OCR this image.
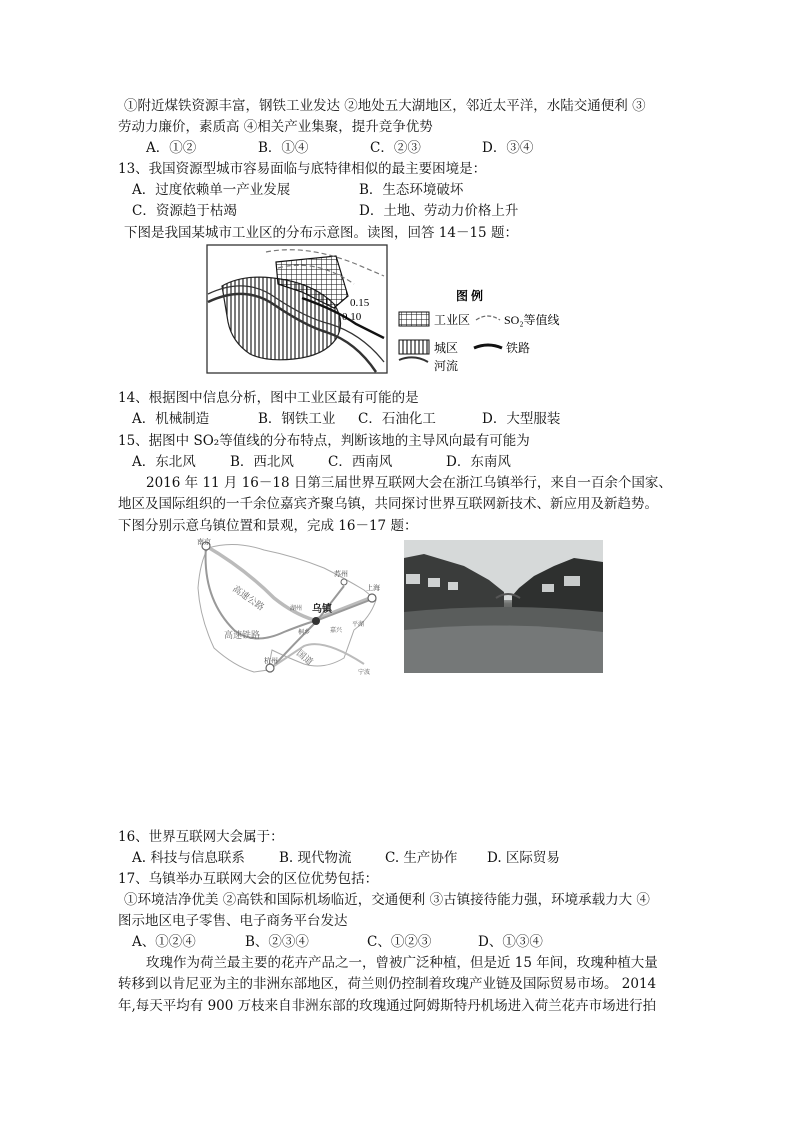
①附近煤铁资源丰富，钢铁工业发达 ②地处五大湖地区，邻近太平洋，水陆交通便利 ③
劳动力廉价，素质高 ④相关产业集聚，提升竞争优势
A．①②	B．①④	C．②③	D．③④
13、我国资源型城市容易面临与底特律相似的最主要困境是：
A．过度依赖单一产业发展	B．生态环境破坏
C．资源趋于枯竭	D．土地、劳动力价格上升
下图是我国某城市工业区的分布示意图。读图，回答 14－15 题：
0.15
0.10
图 例
工业区	SO₂等值线
城区	铁路
河流
14、根据图中信息分析，图中工业区最有可能的是
A．机械制造	B．钢铁工业	C．石油化工	D．大型服装
15、据图中 SO₂等值线的分布特点，判断该地的主导风向最有可能为
A．东北风	B．西北风	C．西南风	D．东南风
2016 年 11 月 16－18 日第三届世界互联网大会在浙江乌镇举行，来自一百余个国家、
地区及国际组织的一千余位嘉宾齐聚乌镇，共同探讨世界互联网新技术、新应用及新趋势。
下图分别示意乌镇位置和景观，完成 16－17 题：
南京
苏州
上海
乌镇
杭州
宁波
湖州
嘉兴
桐乡
平湖
高速公路
高速铁路
国道
16、世界互联网大会属于：
A. 科技与信息联系	B. 现代物流	C. 生产协作	D. 区际贸易
17、乌镇举办互联网大会的区位优势包括：
①环境洁净优美 ②高铁和国际机场临近，交通便利 ③古镇接待能力强，环境承载力大 ④
图示地区电子零售、电子商务平台发达
A、①②④	B、②③④	C、①②③	D、①③④
玫瑰作为荷兰最主要的花卉产品之一，曾被广泛种植，但是近 15 年间，玫瑰种植大量
转移到以肯尼亚为主的非洲东部地区，荷兰则仍控制着玫瑰产业链及国际贸易市场。 2014
年,每天平均有 900 万枝来自非洲东部的玫瑰通过阿姆斯特丹机场进入荷兰花卉市场进行拍
